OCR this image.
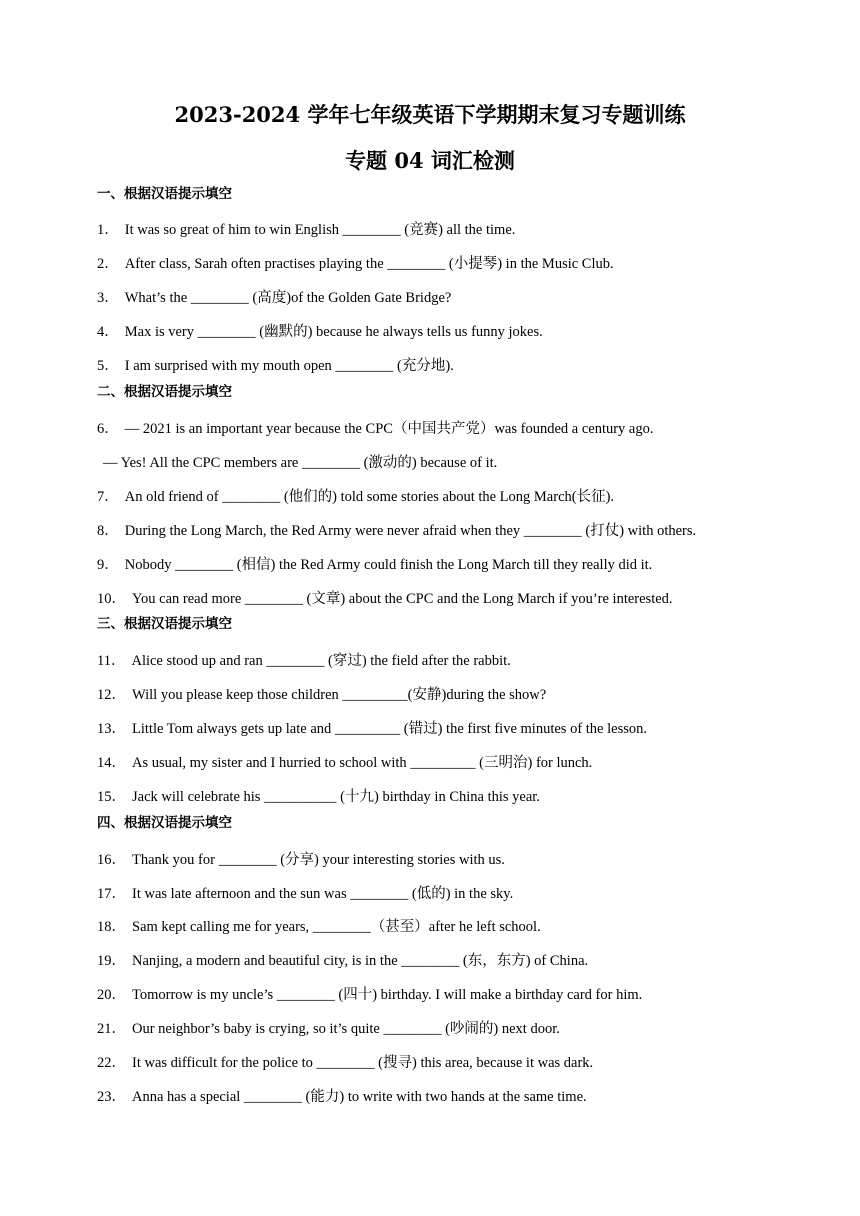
2023-2024 学年七年级英语下学期期末复习专题训练
专题 04 词汇检测
一、根据汉语提示填空
1． It was so great of him to win English ________ (竞赛) all the time.
2． After class, Sarah often practises playing the ________ (小提琴) in the Music Club.
3． What’s the ________ (高度)of the Golden Gate Bridge?
4． Max is very ________ (幽默的) because he always tells us funny jokes.
5． I am surprised with my mouth open ________ (充分地).
二、根据汉语提示填空
6． — 2021 is an important year because the CPC（中国共产党）was founded a century ago.
— Yes! All the CPC members are ________ (激动的) because of it.
7． An old friend of ________ (他们的) told some stories about the Long March(长征).
8． During the Long March, the Red Army were never afraid when they ________ (打仗) with others.
9． Nobody ________ (相信) the Red Army could finish the Long March till they really did it.
10． You can read more ________ (文章) about the CPC and the Long March if you’re interested.
三、根据汉语提示填空
11． Alice stood up and ran ________ (穿过) the field after the rabbit.
12． Will you please keep those children _________(安静)during the show?
13． Little Tom always gets up late and _________ (错过) the first five minutes of the lesson.
14． As usual, my sister and I hurried to school with _________ (三明治) for lunch.
15． Jack will celebrate his __________ (十九) birthday in China this year.
四、根据汉语提示填空
16． Thank you for ________ (分享) your interesting stories with us.
17． It was late afternoon and the sun was ________ (低的) in the sky.
18． Sam kept calling me for years, ________（甚至）after he left school.
19． Nanjing, a modern and beautiful city, is in the ________ (东，东方) of China.
20． Tomorrow is my uncle’s ________ (四十) birthday. I will make a birthday card for him.
21． Our neighbor’s baby is crying, so it’s quite ________ (吵闹的) next door.
22． It was difficult for the police to ________ (搜寻) this area, because it was dark.
23． Anna has a special ________ (能力) to write with two hands at the same time.
